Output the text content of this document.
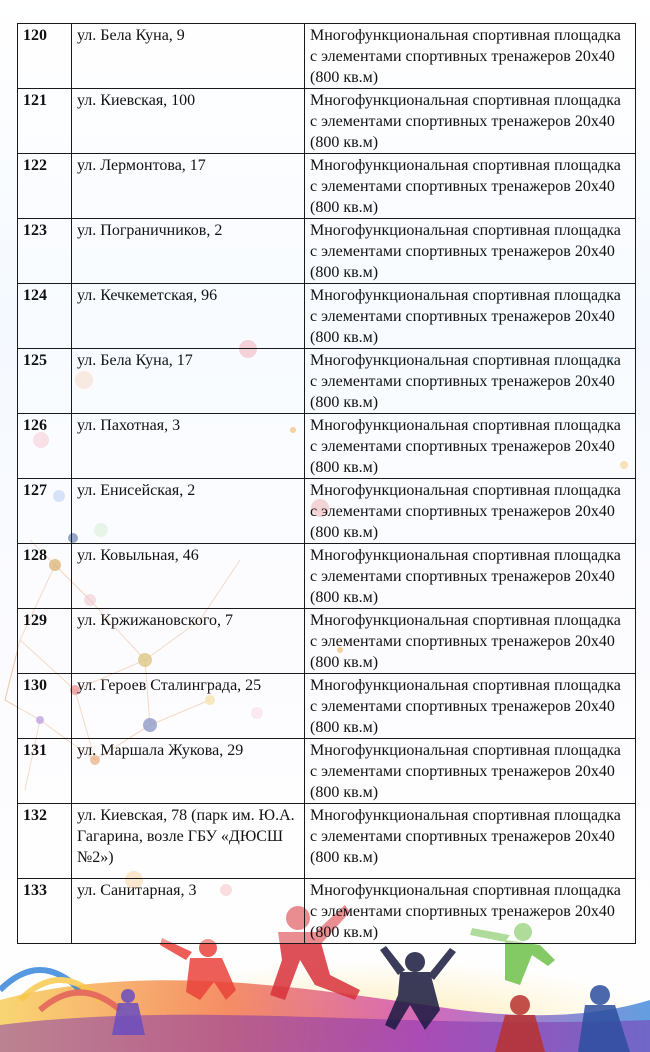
120	ул. Бела Куна, 9	Многофункциональная спортивная площадка с элементами спортивных тренажеров 20х40 (800 кв.м)
121	ул. Киевская, 100	Многофункциональная спортивная площадка с элементами спортивных тренажеров 20х40 (800 кв.м)
122	ул. Лермонтова, 17	Многофункциональная спортивная площадка с элементами спортивных тренажеров 20х40 (800 кв.м)
123	ул. Пограничников, 2	Многофункциональная спортивная площадка с элементами спортивных тренажеров 20х40 (800 кв.м)
124	ул. Кечкеметская, 96	Многофункциональная спортивная площадка с элементами спортивных тренажеров 20х40 (800 кв.м)
125	ул. Бела Куна, 17	Многофункциональная спортивная площадка с элементами спортивных тренажеров 20х40 (800 кв.м)
126	ул. Пахотная, 3	Многофункциональная спортивная площадка с элементами спортивных тренажеров 20х40 (800 кв.м)
127	ул. Енисейская, 2	Многофункциональная спортивная площадка с элементами спортивных тренажеров 20х40 (800 кв.м)
128	ул. Ковыльная, 46	Многофункциональная спортивная площадка с элементами спортивных тренажеров 20х40 (800 кв.м)
129	ул. Кржижановского, 7	Многофункциональная спортивная площадка с элементами спортивных тренажеров 20х40 (800 кв.м)
130	ул. Героев Сталинграда, 25	Многофункциональная спортивная площадка с элементами спортивных тренажеров 20х40 (800 кв.м)
131	ул. Маршала Жукова, 29	Многофункциональная спортивная площадка с элементами спортивных тренажеров 20х40 (800 кв.м)
132	ул. Киевская, 78 (парк им. Ю.А. Гагарина, возле ГБУ «ДЮСШ №2»)	Многофункциональная спортивная площадка с элементами спортивных тренажеров 20х40 (800 кв.м)
133	ул. Санитарная, 3	Многофункциональная спортивная площадка с элементами спортивных тренажеров 20х40 (800 кв.м)
